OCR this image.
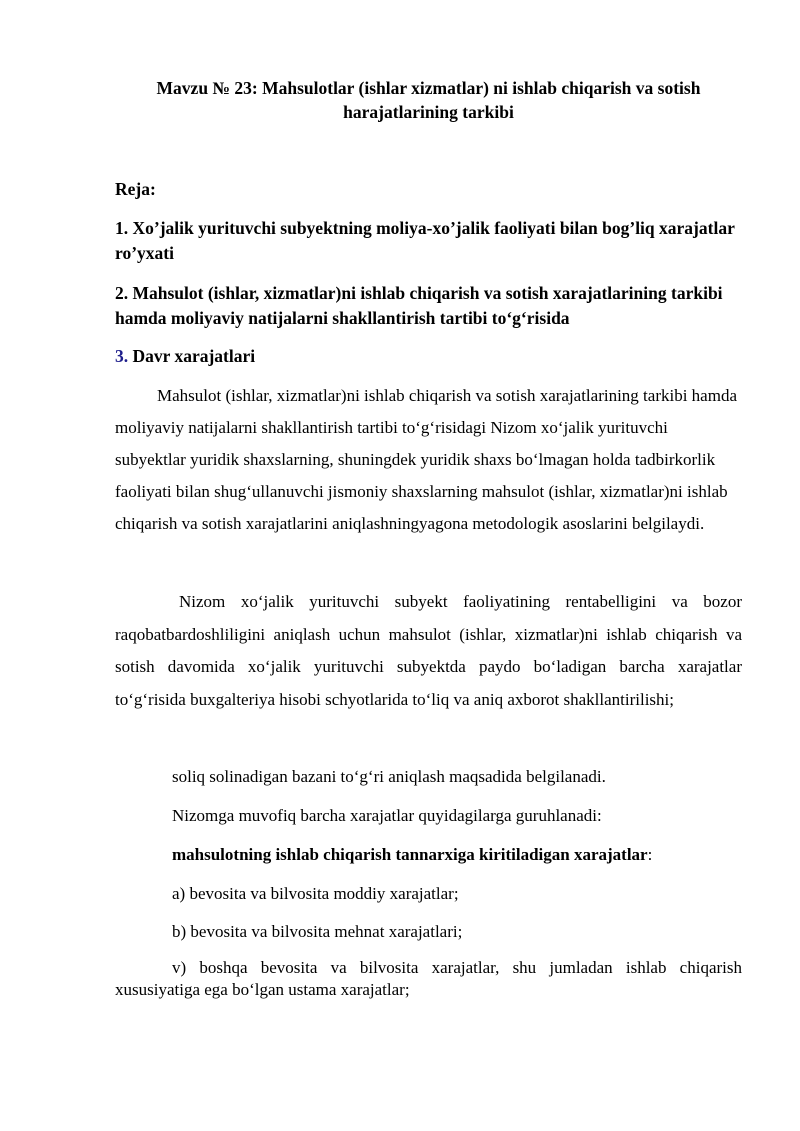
Mavzu № 23: Mahsulotlar (ishlar xizmatlar) ni ishlab chiqarish va sotish
harajatlarining tarkibi
Reja:
1. Xo’jalik yurituvchi subyektning moliya-xo’jalik faoliyati bilan bog’liq xarajatlar ro’yxati
2. Mahsulot (ishlar, xizmatlar)ni ishlab chiqarish va sotish xarajatlarining tarkibi hamda moliyaviy natijalarni shakllantirish tartibi to‘g‘risida
3. Davr xarajatlari
Mahsulot (ishlar, xizmatlar)ni ishlab chiqarish va sotish xarajatlarining tarkibi hamda moliyaviy natijalarni shakllantirish tartibi to‘g‘risidagi Nizom xo‘jalik yurituvchi subyektlar yuridik shaxslarning, shuningdek yuridik shaxs bo‘lmagan holda tadbirkorlik faoliyati bilan shug‘ullanuvchi jismoniy shaxslarning mahsulot (ishlar, xizmatlar)ni ishlab chiqarish va sotish xarajatlarini aniqlashningyagona metodologik asoslarini belgilaydi.
Nizom xo‘jalik yurituvchi subyekt faoliyatining rentabelligini va bozor raqobatbardoshliligini aniqlash uchun mahsulot (ishlar, xizmatlar)ni ishlab chiqarish va sotish davomida xo‘jalik yurituvchi subyektda paydo bo‘ladigan barcha xarajatlar to‘g‘risida buxgalteriya hisobi schyotlarida to‘liq va aniq axborot shakllantirilishi;
soliq solinadigan bazani to‘g‘ri aniqlash maqsadida belgilanadi.
Nizomga muvofiq barcha xarajatlar quyidagilarga guruhlanadi:
mahsulotning ishlab chiqarish tannarxiga kiritiladigan xarajatlar:
a) bevosita va bilvosita moddiy xarajatlar;
b) bevosita va bilvosita mehnat xarajatlari;
v) boshqa bevosita va bilvosita xarajatlar, shu jumladan ishlab chiqarish xususiyatiga ega bo‘lgan ustama xarajatlar;
